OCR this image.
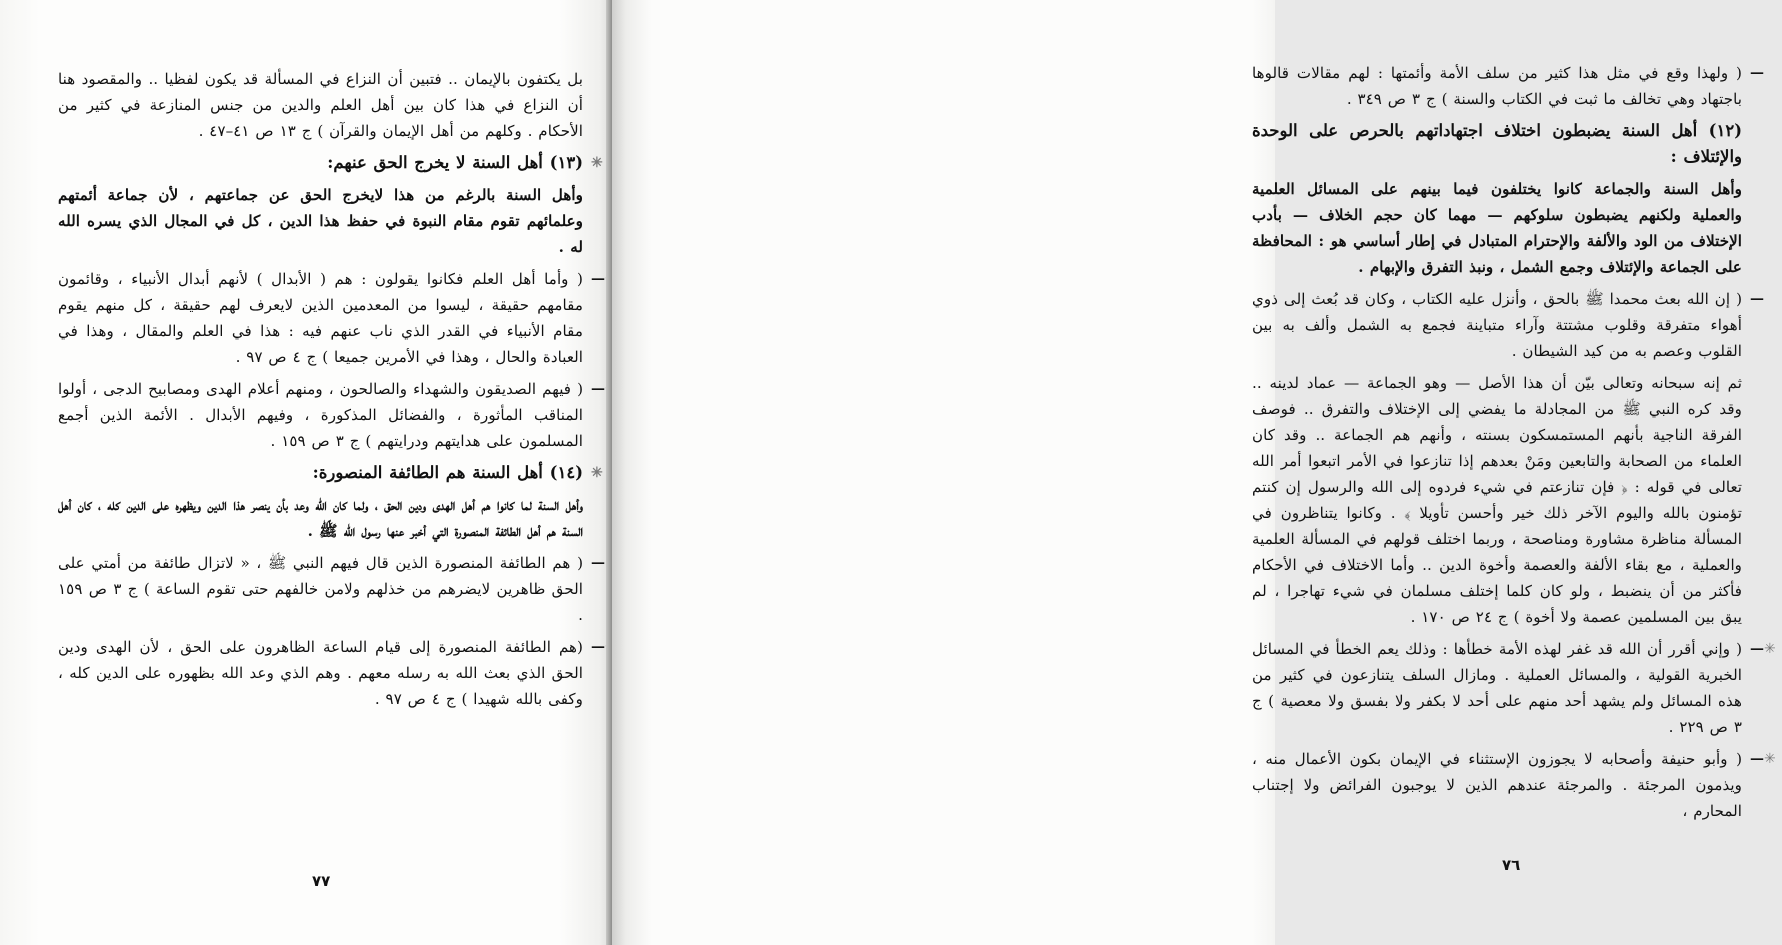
بل يكتفون بالإيمان .. فتبين أن النزاع في المسألة قد يكون لفظيا .. والمقصود هنا أن النزاع في هذا كان بين أهل العلم والدين من جنس المنازعة في كثير من الأحكام . وكلهم من أهل الإيمان والقرآن ) ج ١٣ ص ٤١–٤٧ .
✳
(١٣) أهل السنة لا يخرج الحق عنهم:
وأهل السنة بالرغم من هذا لايخرج الحق عن جماعتهم ، لأن جماعة أئمتهم وعلمائهم تقوم مقام النبوة في حفظ هذا الدين ، كل في المجال الذي يسره الله له .
—
( وأما أهل العلم فكانوا يقولون : هم ( الأبدال ) لأنهم أبدال الأنبياء ، وقائمون مقامهم حقيقة ، ليسوا من المعدمين الذين لايعرف لهم حقيقة ، كل منهم يقوم مقام الأنبياء في القدر الذي ناب عنهم فيه : هذا في العلم والمقال ، وهذا في العبادة والحال ، وهذا في الأمرين جميعا ) ج ٤ ص ٩٧ .
—
( فيهم الصديقون والشهداء والصالحون ، ومنهم أعلام الهدى ومصابيح الدجى ، أولوا المناقب المأثورة ، والفضائل المذكورة ، وفيهم الأبدال . الأئمة الذين أجمع المسلمون على هدايتهم ودرايتهم ) ج ٣ ص ١٥٩ .
✳
(١٤) أهل السنة هم الطائفة المنصورة:
وأهل السنة لما كانوا هم أهل الهدى ودين الحق ، ولما كان الله وعد بأن ينصر هذا الدين ويظهره على الدين كله ، كان أهل السنة هم أهل الطائفة المنصورة التي أخبر عنها رسول الله ﷺ .
—
( هم الطائفة المنصورة الذين قال فيهم النبي ﷺ ، « لاتزال طائفة من أمتي على الحق ظاهرين لايضرهم من خذلهم ولامن خالفهم حتى تقوم الساعة ) ج ٣ ص ١٥٩ .
—
(هم الطائفة المنصورة إلى قيام الساعة الظاهرون على الحق ، لأن الهدى ودين الحق الذي بعث الله به رسله معهم . وهم الذي وعد الله بظهوره على الدين كله ، وكفى بالله شهيدا ) ج ٤ ص ٩٧ .
٧٧
—
( ولهذا وقع في مثل هذا كثير من سلف الأمة وأئمتها : لهم مقالات قالوها باجتهاد وهي تخالف ما ثبت في الكتاب والسنة ) ج ٣ ص ٣٤٩ .
(١٢) أهل السنة يضبطون اختلاف اجتهاداتهم بالحرص على الوحدة والإئتلاف :
وأهل السنة والجماعة كانوا يختلفون فيما بينهم على المسائل العلمية والعملية ولكنهم يضبطون سلوكهم — مهما كان حجم الخلاف — بأدب الإختلاف من الود والألفة والإحترام المتبادل في إطار أساسي هو : المحافظة على الجماعة والإئتلاف وجمع الشمل ، ونبذ التفرق والإبهام .
—
( إن الله بعث محمدا ﷺ بالحق ، وأنزل عليه الكتاب ، وكان قد بُعث إلى ذوي أهواء متفرقة وقلوب مشتتة وآراء متباينة فجمع به الشمل وألف به بين القلوب وعصم به من كيد الشيطان .
ثم إنه سبحانه وتعالى بيّن أن هذا الأصل — وهو الجماعة — عماد لدينه .. وقد كره النبي ﷺ من المجادلة ما يفضي إلى الإختلاف والتفرق .. فوصف الفرقة الناجية بأنهم المستمسكون بسنته ، وأنهم هم الجماعة .. وقد كان العلماء من الصحابة والتابعين ومَنْ بعدهم إذا تنازعوا في الأمر اتبعوا أمر الله تعالى في قوله : ﴿ فإن تنازعتم في شيء فردوه إلى الله والرسول إن كنتم تؤمنون بالله واليوم الآخر ذلك خير وأحسن تأويلا ﴾ . وكانوا يتناظرون في المسألة مناظرة مشاورة ومناصحة ، وربما اختلف قولهم في المسألة العلمية والعملية ، مع بقاء الألفة والعصمة وأخوة الدين .. وأما الاختلاف في الأحكام فأكثر من أن ينضبط ، ولو كان كلما إختلف مسلمان في شيء تهاجرا ، لم يبق بين المسلمين عصمة ولا أخوة ) ج ٢٤ ص ١٧٠ .
—✳
( وإني أقرر أن الله قد غفر لهذه الأمة خطأها : وذلك يعم الخطأ في المسائل الخبرية القولية ، والمسائل العملية . ومازال السلف يتنازعون في كثير من هذه المسائل ولم يشهد أحد منهم على أحد لا بكفر ولا بفسق ولا معصية ) ج ٣ ص ٢٢٩ .
—✳
( وأبو حنيفة وأصحابه لا يجوزون الإستثناء في الإيمان بكون الأعمال منه ، ويذمون المرجئة . والمرجئة عندهم الذين لا يوجبون الفرائض ولا إجتناب المحارم ،
٧٦
